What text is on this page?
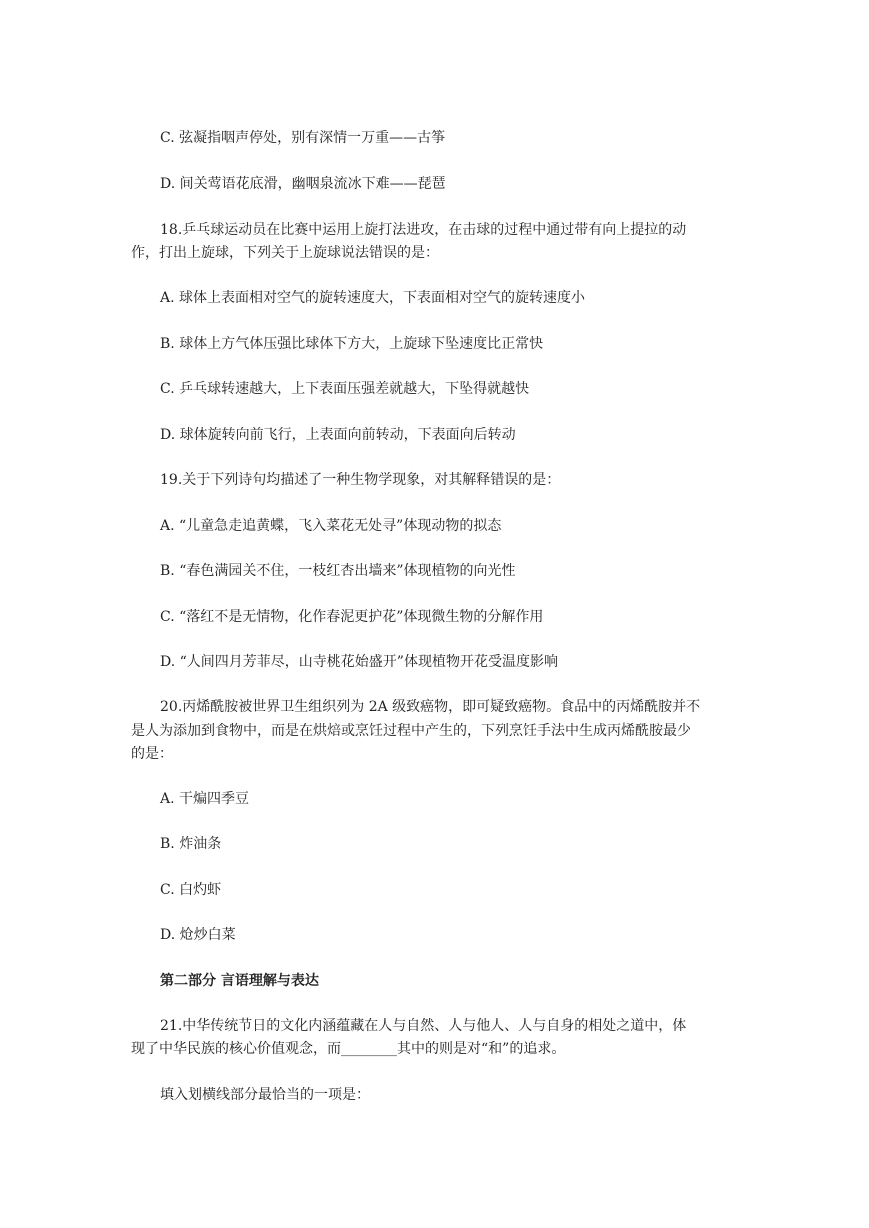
C. 弦凝指咽声停处，别有深情一万重——古筝
D. 间关莺语花底滑，幽咽泉流冰下难——琵琶
18.乒乓球运动员在比赛中运用上旋打法进攻，在击球的过程中通过带有向上提拉的动
作，打出上旋球，下列关于上旋球说法错误的是：
A. 球体上表面相对空气的旋转速度大，下表面相对空气的旋转速度小
B. 球体上方气体压强比球体下方大，上旋球下坠速度比正常快
C. 乒乓球转速越大，上下表面压强差就越大，下坠得就越快
D. 球体旋转向前飞行，上表面向前转动，下表面向后转动
19.关于下列诗句均描述了一种生物学现象，对其解释错误的是：
A. “儿童急走追黄蝶，飞入菜花无处寻”体现动物的拟态
B. “春色满园关不住，一枝红杏出墙来”体现植物的向光性
C. “落红不是无情物，化作春泥更护花”体现微生物的分解作用
D. “人间四月芳菲尽，山寺桃花始盛开”体现植物开花受温度影响
20.丙烯酰胺被世界卫生组织列为 2A 级致癌物，即可疑致癌物。食品中的丙烯酰胺并不
是人为添加到食物中，而是在烘焙或烹饪过程中产生的，下列烹饪手法中生成丙烯酰胺最少
的是：
A. 干煸四季豆
B. 炸油条
C. 白灼虾
D. 炝炒白菜
第二部分 言语理解与表达
21.中华传统节日的文化内涵蕴藏在人与自然、人与他人、人与自身的相处之道中，体
现了中华民族的核心价值观念，而________其中的则是对“和”的追求。
填入划横线部分最恰当的一项是：
